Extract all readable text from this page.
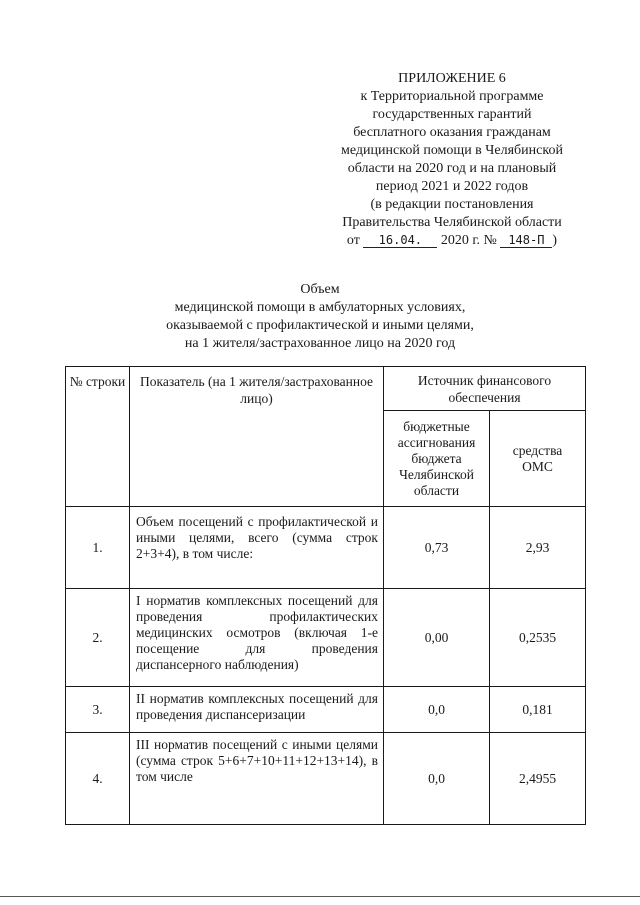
ПРИЛОЖЕНИЕ 6
к Территориальной программе
государственных гарантий
бесплатного оказания гражданам
медицинской помощи в Челябинской
области на 2020 год и на плановый
период 2021 и 2022 годов
(в редакции постановления
Правительства Челябинской области
от 16.04. 2020 г. № 148-П )
Объем
медицинской помощи в амбулаторных условиях,
оказываемой с профилактической и иными целями,
на 1 жителя/застрахованное лицо на 2020 год
№ строки	Показатель (на 1 жителя/застрахованное лицо)	Источник финансового обеспечения	
		бюджетные ассигнования бюджета Челябинской области	средства ОМС
1.	Объем посещений с профилактической и иными целями, всего (сумма строк 2+3+4), в том числе:	0,73	2,93
2.	I норматив комплексных посещений для проведения профилактических медицинских осмотров (включая 1-е посещение для проведения диспансерного наблюдения)	0,00	0,2535
3.	II норматив комплексных посещений для проведения диспансеризации	0,0	0,181
4.	III норматив посещений с иными целями (сумма строк 5+6+7+10+11+12+13+14), в том числе	0,0	2,4955
